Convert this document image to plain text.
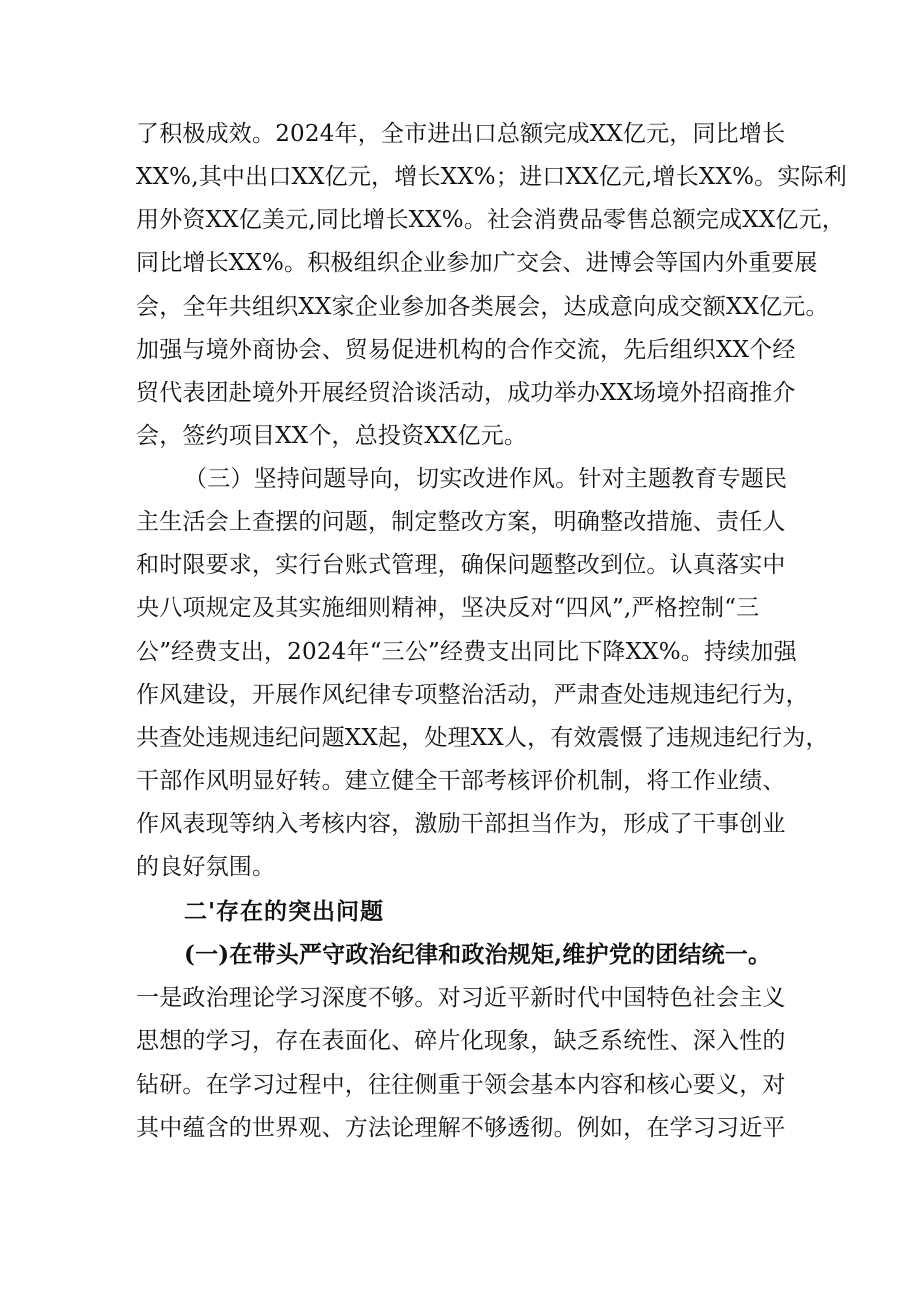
了积极成效。2024年，全市进出口总额完成XX亿元，同比增长
XX%,其中出口XX亿元，增长XX%；进口XX亿元,增长XX%。实际利
用外资XX亿美元,同比增长XX%。社会消费品零售总额完成XX亿元，
同比增长XX%。积极组织企业参加广交会、进博会等国内外重要展
会，全年共组织XX家企业参加各类展会，达成意向成交额XX亿元。
加强与境外商协会、贸易促进机构的合作交流，先后组织XX个经
贸代表团赴境外开展经贸洽谈活动，成功举办XX场境外招商推介
会，签约项目XX个，总投资XX亿元。
（三）坚持问题导向，切实改进作风。针对主题教育专题民
主生活会上查摆的问题，制定整改方案，明确整改措施、责任人
和时限要求，实行台账式管理，确保问题整改到位。认真落实中
央八项规定及其实施细则精神，坚决反对“四风”,严格控制“三
公”经费支出，2024年“三公”经费支出同比下降XX%。持续加强
作风建设，开展作风纪律专项整治活动，严肃查处违规违纪行为，
共查处违规违纪问题XX起，处理XX人，有效震慑了违规违纪行为，
干部作风明显好转。建立健全干部考核评价机制，将工作业绩、
作风表现等纳入考核内容，激励干部担当作为，形成了干事创业
的良好氛围。
二'存在的突出问题
(一)在带头严守政治纪律和政治规矩,维护党的团结统一。
一是政治理论学习深度不够。对习近平新时代中国特色社会主义
思想的学习，存在表面化、碎片化现象，缺乏系统性、深入性的
钻研。在学习过程中，往往侧重于领会基本内容和核心要义，对
其中蕴含的世界观、方法论理解不够透彻。例如，在学习习近平
